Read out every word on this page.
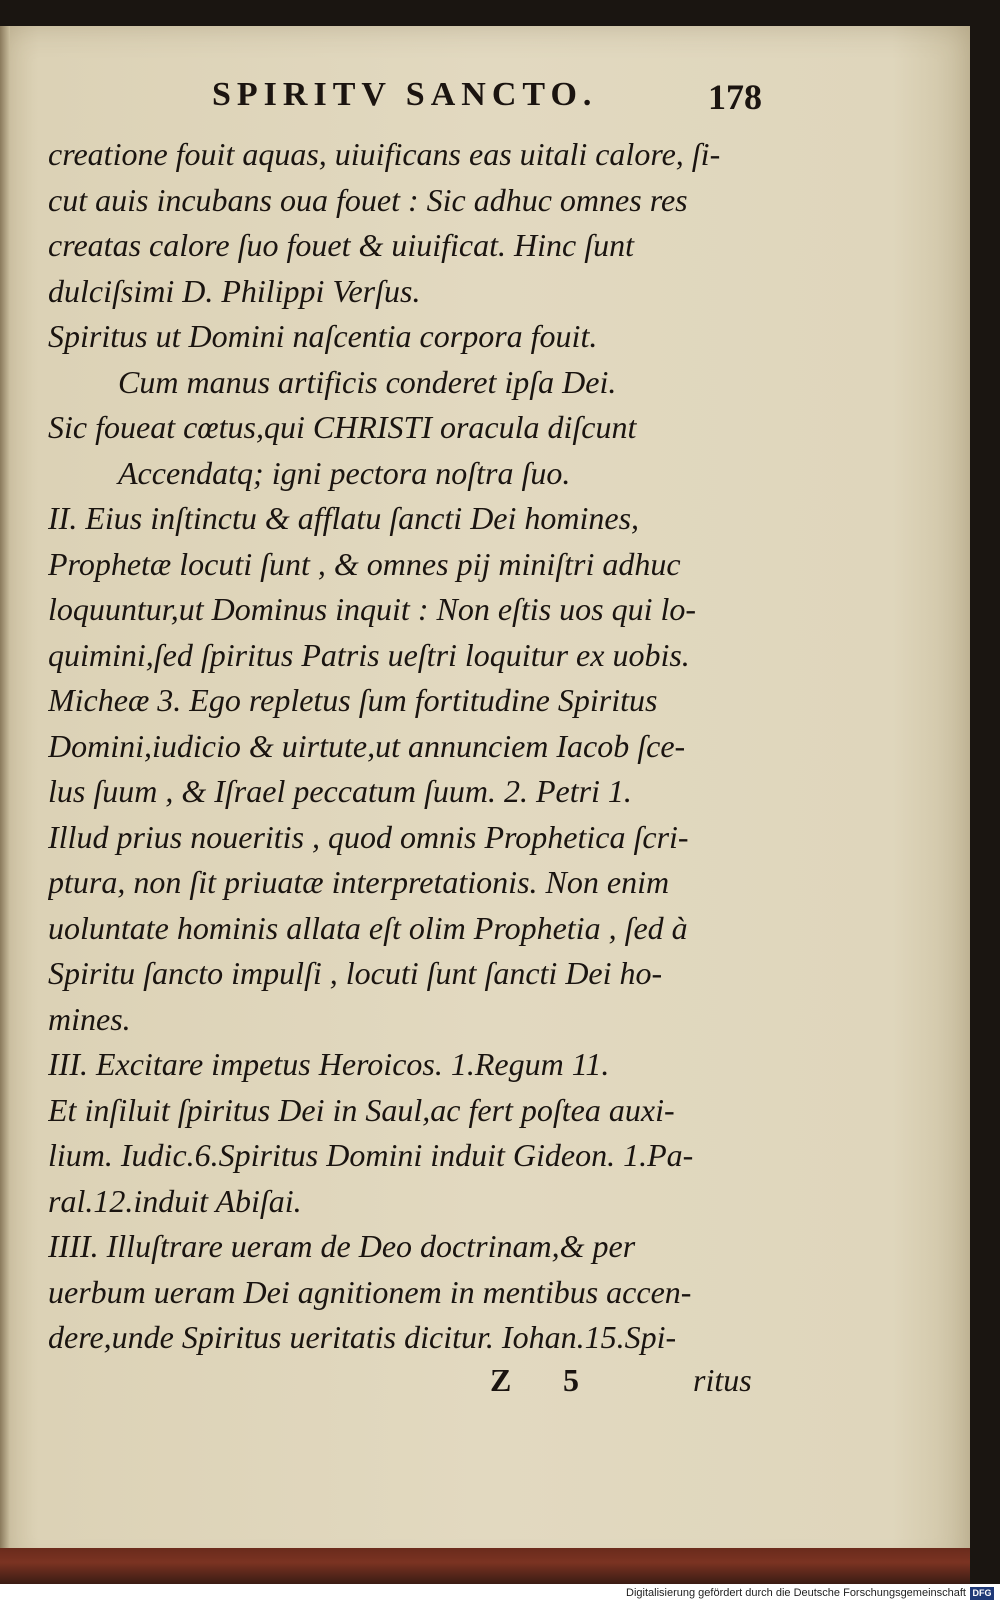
SPIRITV SANCTO.	178
creatione fouit aquas, uiuificans eas uitali calore, ſi-
cut auis incubans oua fouet : Sic adhuc omnes res
creatas calore ſuo fouet & uiuificat. Hinc ſunt
dulciſsimi D. Philippi Verſus.
Spiritus ut Domini naſcentia corpora fouit.
Cum manus artificis conderet ipſa Dei.
Sic foueat cœtus,qui CHRISTI oracula diſcunt
Accendatq; igni pectora noſtra ſuo.
II. Eius inſtinctu & afflatu ſancti Dei homines,
Prophetæ locuti ſunt , & omnes pij miniſtri adhuc
loquuntur,ut Dominus inquit : Non eſtis uos qui lo-
quimini,ſed ſpiritus Patris ueſtri loquitur ex uobis.
Micheæ 3. Ego repletus ſum fortitudine Spiritus
Domini,iudicio & uirtute,ut annunciem Iacob ſce-
lus ſuum , & Iſrael peccatum ſuum. 2. Petri 1.
Illud prius noueritis , quod omnis Prophetica ſcri-
ptura, non ſit priuatæ interpretationis. Non enim
uoluntate hominis allata eſt olim Prophetia , ſed à
Spiritu ſancto impulſi , locuti ſunt ſancti Dei ho-
mines.
III. Excitare impetus Heroicos. 1.Regum 11.
Et inſiluit ſpiritus Dei in Saul,ac fert poſtea auxi-
lium. Iudic.6.Spiritus Domini induit Gideon. 1.Pa-
ral.12.induit Abiſai.
IIII. Illuſtrare ueram de Deo doctrinam,& per
uerbum ueram Dei agnitionem in mentibus accen-
dere,unde Spiritus ueritatis dicitur. Iohan.15.Spi-
Z 5	ritus
Digitalisierung gefördert durch die Deutsche Forschungsgemeinschaft DFG
